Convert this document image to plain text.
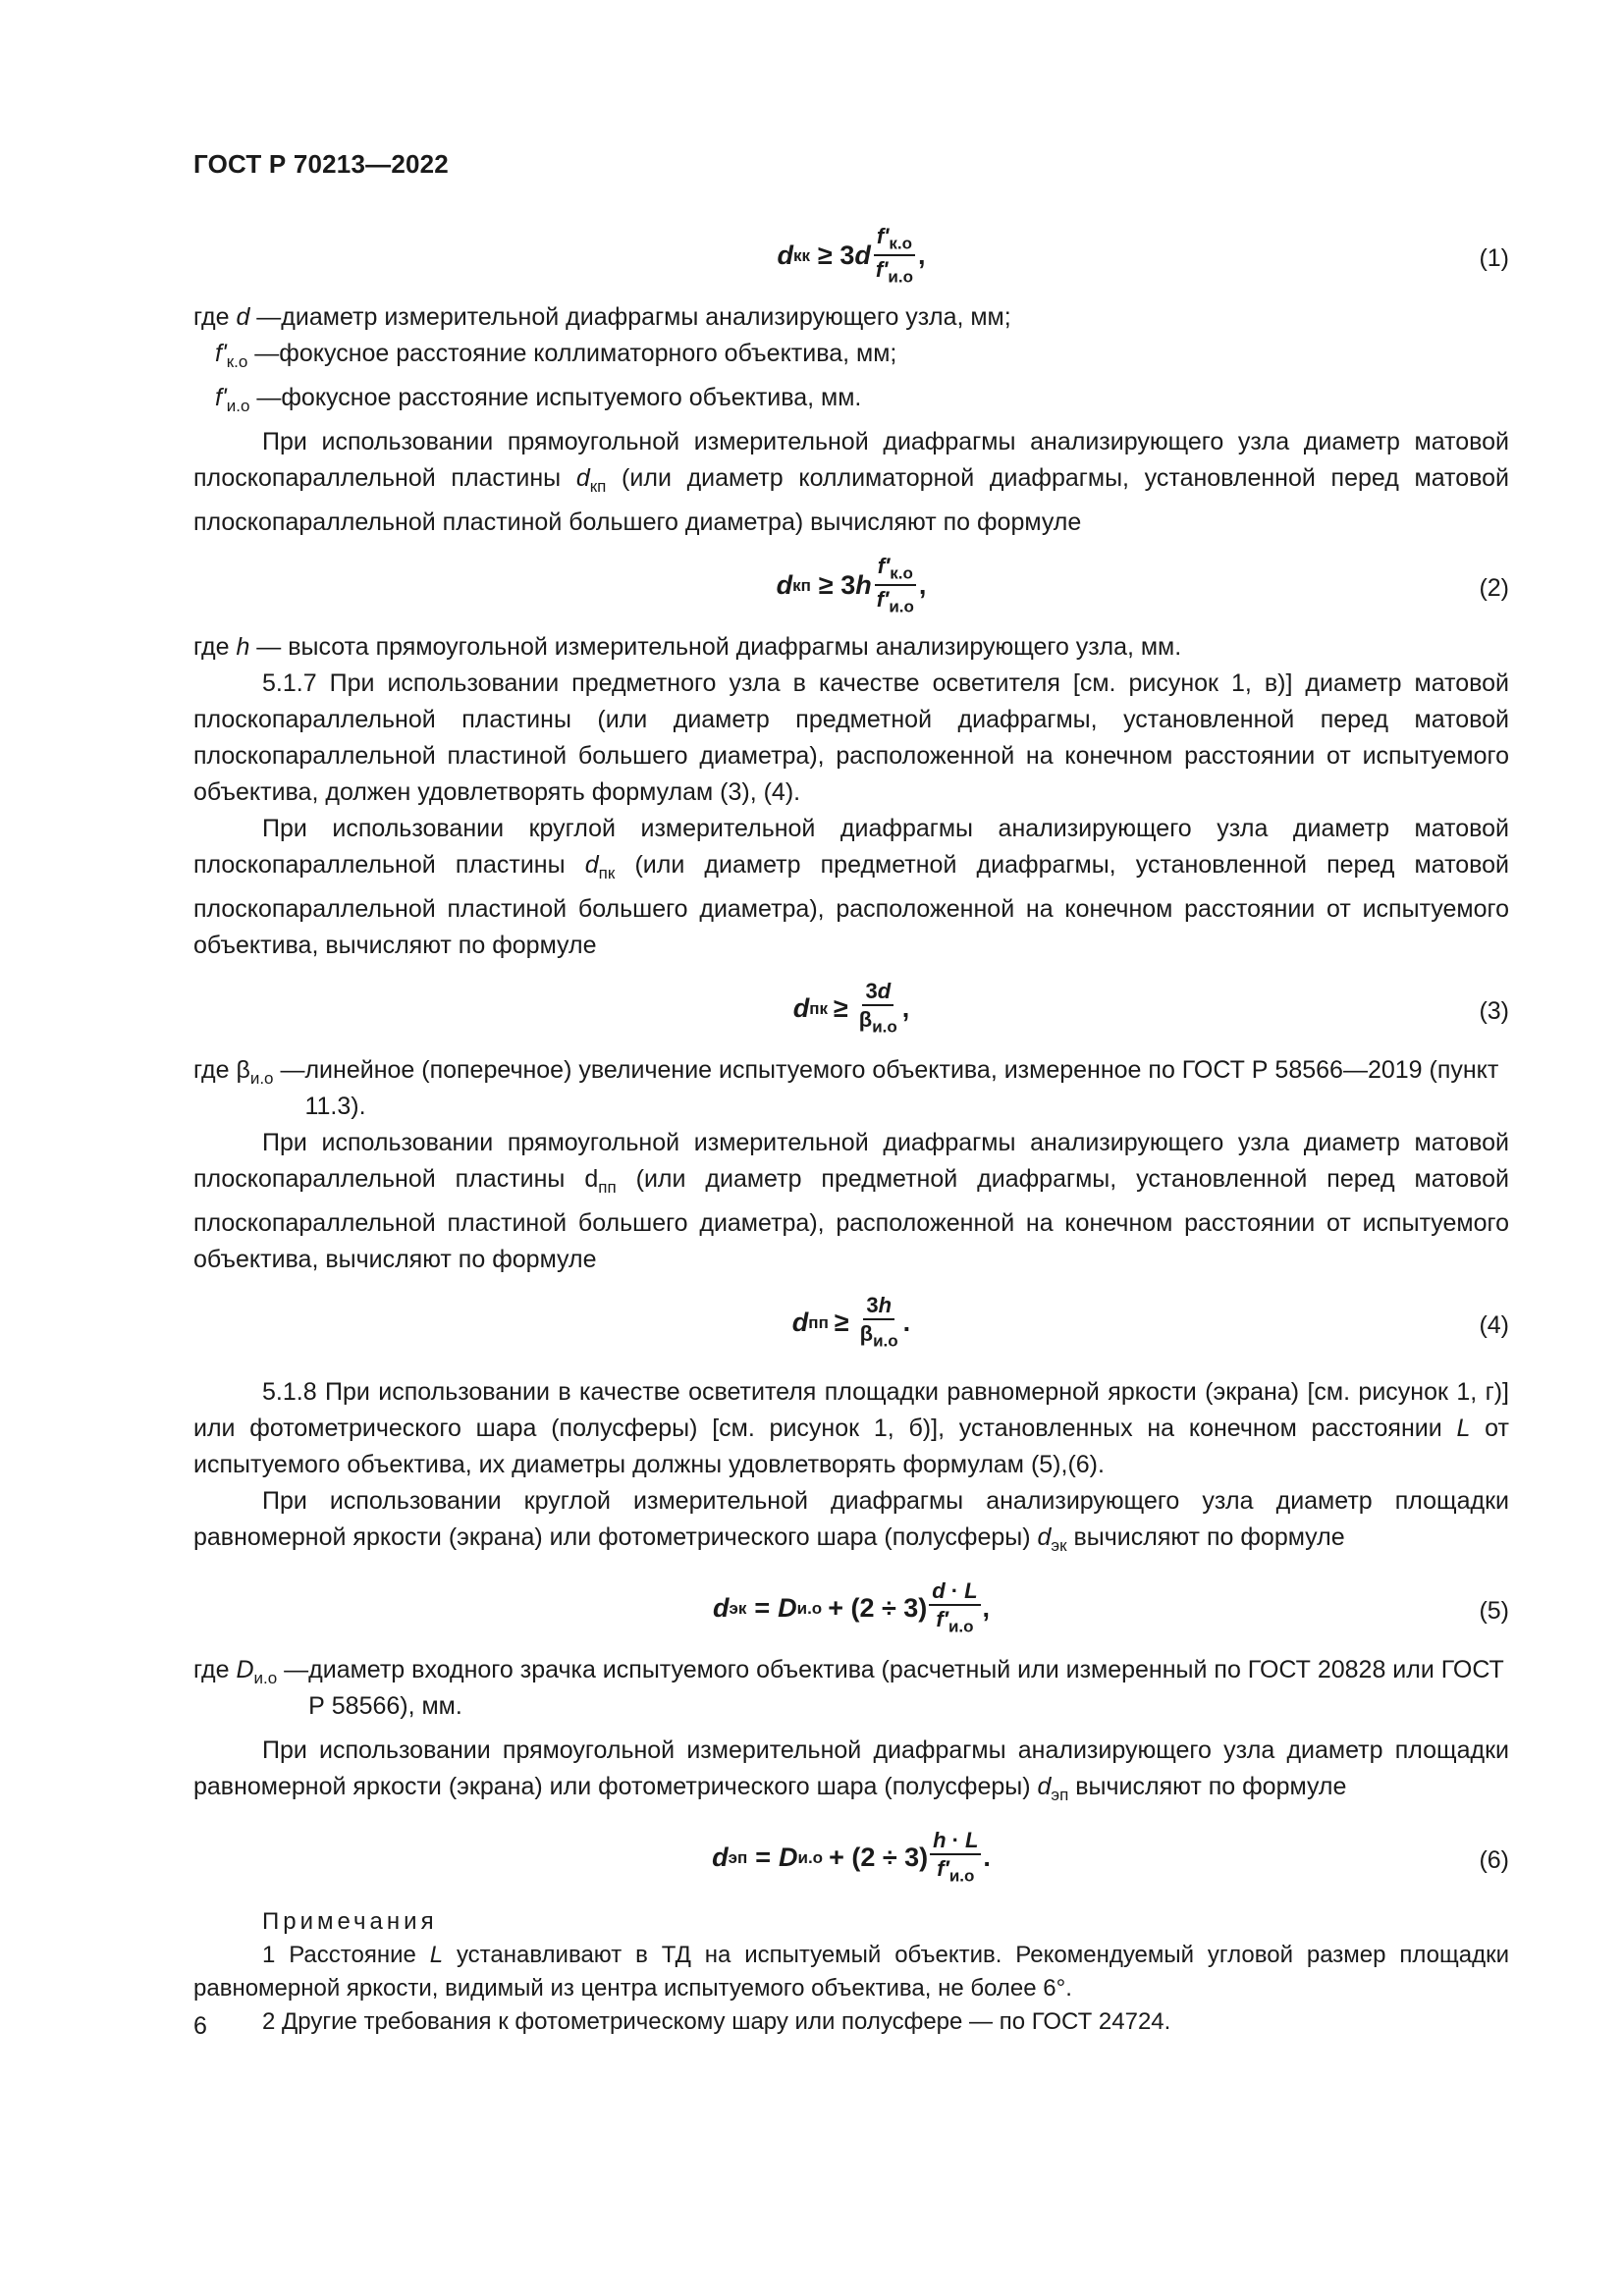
ГОСТ Р 70213—2022
d кк ≥ 3 d $\frac{f'_{к.о}}{f'_{и.о}}$ ,	(1)
где d — диаметр измерительной диафрагмы анализирующего узла, мм;
$f'_{к.о}$ — фокусное расстояние коллиматорного объектива, мм;
$f'_{и.о}$ — фокусное расстояние испытуемого объектива, мм.

При использовании прямоугольной измерительной диафрагмы анализирующего узла диаметр матовой плоскопараллельной пластины $d_{кп}$ (или диаметр коллиматорной диафрагмы, установленной перед матовой плоскопараллельной пластиной большего диаметра) вычисляют по формуле

d кп ≥ 3 h $\frac{f'_{к.о}}{f'_{и.о}}$ ,	(2)

где h — высота прямоугольной измерительной диафрагмы анализирующего узла, мм.

5.1.7 При использовании предметного узла в качестве осветителя [см. рисунок 1, в)] диаметр матовой плоскопараллельной пластины (или диаметр предметной диафрагмы, установленной перед матовой плоскопараллельной пластиной большего диаметра), расположенной на конечном расстоянии от испытуемого объектива, должен удовлетворять формулам (3), (4).

При использовании круглой измерительной диафрагмы анализирующего узла диаметр матовой плоскопараллельной пластины $d_{пк}$ (или диаметр предметной диафрагмы, установленной перед матовой плоскопараллельной пластиной большего диаметра), расположенной на конечном расстоянии от испытуемого объектива, вычисляют по формуле

d пк ≥ $\frac{3d}{\beta_{и.о}}$ ,	(3)
где $\beta_{и.о}$ — линейное (поперечное) увеличение испытуемого объектива, измеренное по ГОСТ Р 58566—2019 (пункт 11.3).

При использовании прямоугольной измерительной диафрагмы анализирующего узла диаметр матовой плоскопараллельной пластины $d_{пп}$ (или диаметр предметной диафрагмы, установленной перед матовой плоскопараллельной пластиной большего диаметра), расположенной на конечном расстоянии от испытуемого объектива, вычисляют по формуле

d пп ≥ $\frac{3h}{\beta_{и.о}}$ .	(4)

5.1.8 При использовании в качестве осветителя площадки равномерной яркости (экрана) [см. рисунок 1, г)] или фотометрического шара (полусферы) [см. рисунок 1, б)], установленных на конечном расстоянии L от испытуемого объектива, их диаметры должны удовлетворять формулам (5),(6).

При использовании круглой измерительной диафрагмы анализирующего узла диаметр площадки равномерной яркости (экрана) или фотометрического шара (полусферы) $d_{эк}$ вычисляют по формуле

d эк = D $и.о + (2 \div 3) \frac{d \cdot L}{f'_{и.о}}$ ,	(5)
где $D_{и.о}$ — диаметр входного зрачка испытуемого объектива (расчетный или измеренный по ГОСТ 20828 или ГОСТ Р 58566), мм.

При использовании прямоугольной измерительной диафрагмы анализирующего узла диаметр площадки равномерной яркости (экрана) или фотометрического шара (полусферы) $d_{эп}$ вычисляют по формуле

d эп = D $и.о + (2 \div 3) \frac{h \cdot L}{f'_{и.о}}$ .	(6)

Примечания

1 Расстояние L устанавливают в ТД на испытуемый объектив. Рекомендуемый угловой размер площадки равномерной яркости, видимый из центра испытуемого объектива, не более 6°.

2 Другие требования к фотометрическому шару или полусфере — по ГОСТ 24724.

6
